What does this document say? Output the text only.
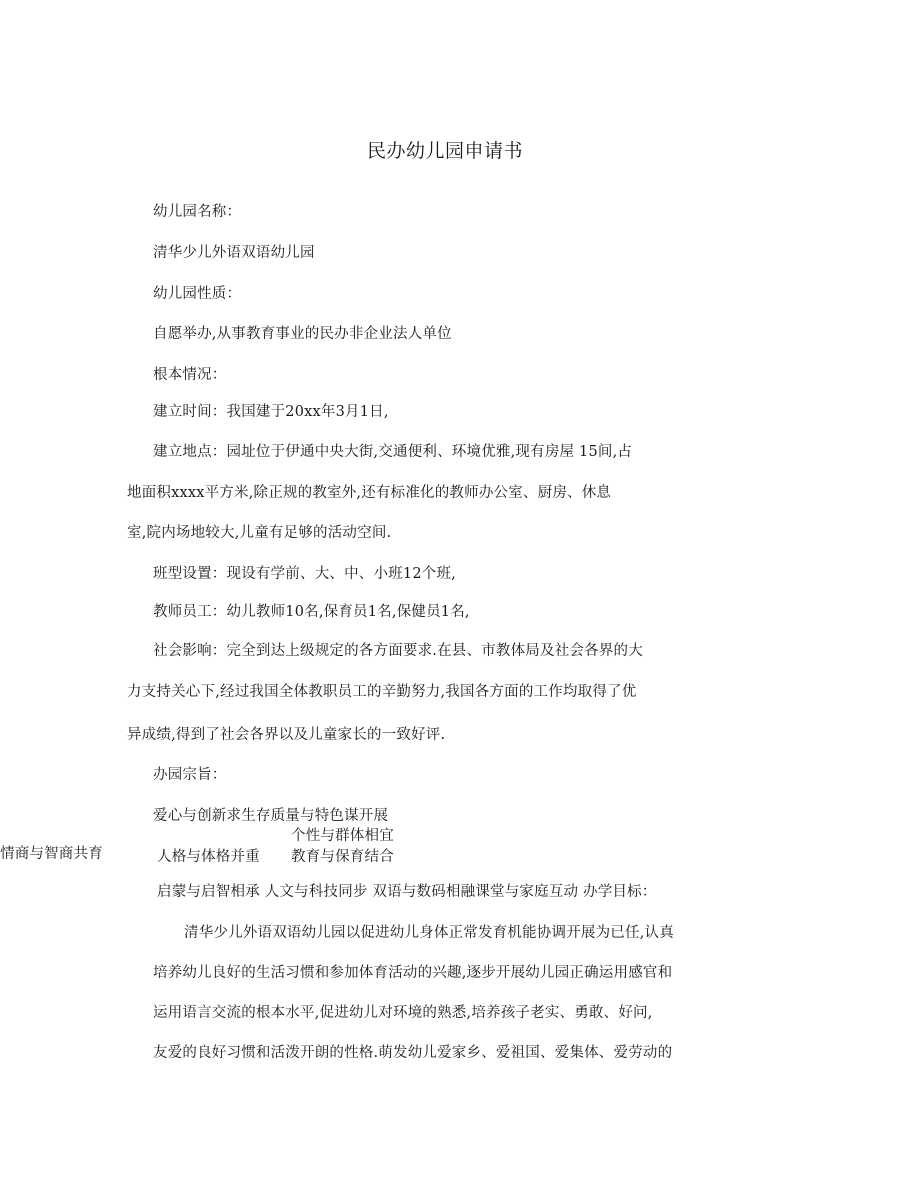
民办幼儿园申请书
幼儿园名称：
清华少儿外语双语幼儿园
幼儿园性质：
自愿举办,从事教育事业的民办非企业法人单位
根本情况：
建立时间：我国建于20xx年3月1日,
建立地点：园址位于伊通中央大街,交通便利、环境优雅,现有房屋 15间,占
地面积xxxx平方米,除正规的教室外,还有标准化的教师办公室、厨房、休息
室,院内场地较大,儿童有足够的活动空间.
班型设置：现设有学前、大、中、小班12个班,
教师员工：幼儿教师10名,保育员1名,保健员1名,
社会影响：完全到达上级规定的各方面要求.在县、市教体局及社会各界的大
力支持关心下,经过我国全体教职员工的辛勤努力,我国各方面的工作均取得了优
异成绩,得到了社会各界以及儿童家长的一致好评.
办园宗旨：
爱心与创新求生存质量与特色谋开展
个性与群体相宜
情商与智商共育	人格与体格并重 教育与保育结合
启蒙与启智相承 人文与科技同步 双语与数码相融课堂与家庭互动 办学目标：
清华少儿外语双语幼儿园以促进幼儿身体正常发育机能协调开展为已任,认真
培养幼儿良好的生活习惯和参加体育活动的兴趣,逐步开展幼儿园正确运用感官和
运用语言交流的根本水平,促进幼儿对环境的熟悉,培养孩子老实、勇敢、好问,
友爱的良好习惯和活泼开朗的性格.萌发幼儿爱家乡、爱祖国、爱集体、爱劳动的
